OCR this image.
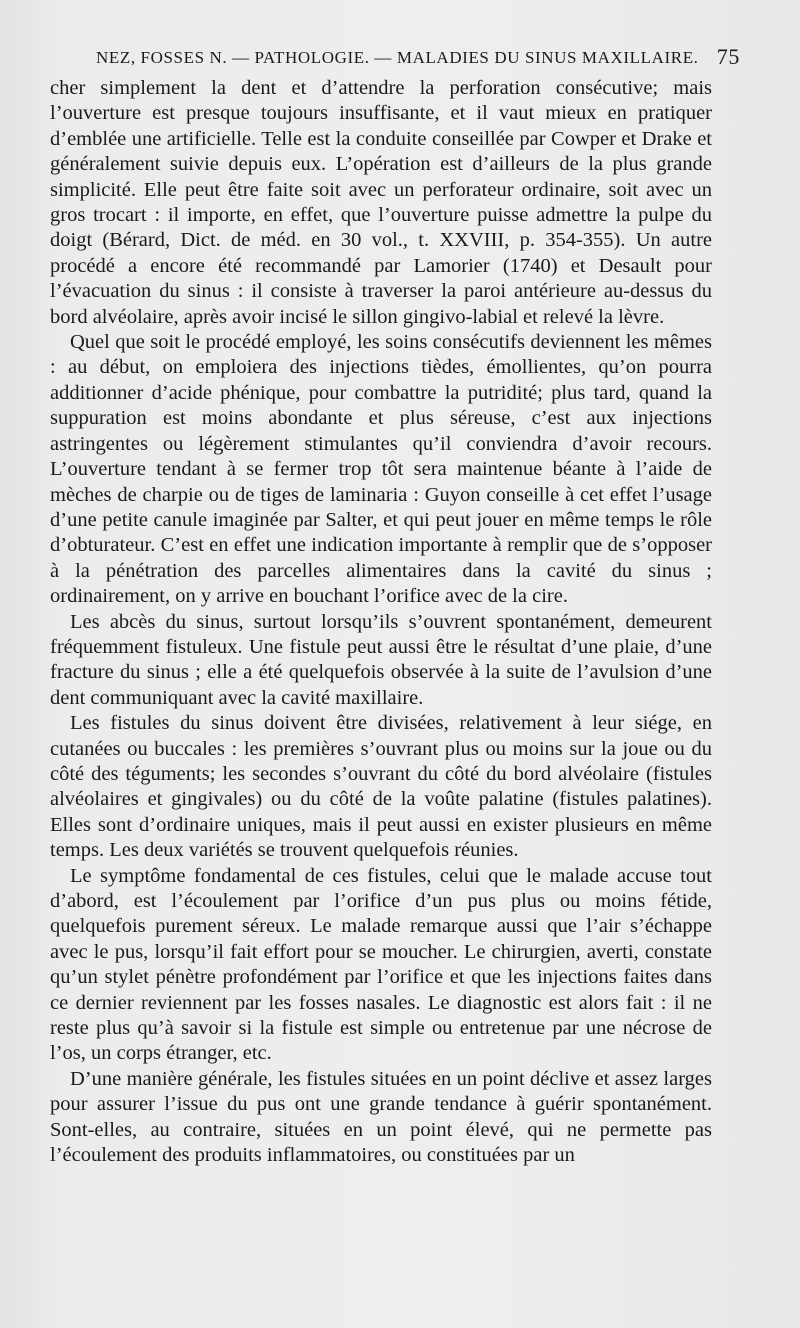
NEZ, FOSSES N. — PATHOLOGIE. — MALADIES DU SINUS MAXILLAIRE. 75

cher simplement la dent et d’attendre la perforation consécutive; mais l’ouverture est presque toujours insuffisante, et il vaut mieux en pratiquer d’emblée une artificielle. Telle est la conduite conseillée par Cowper et Drake et généralement suivie depuis eux. L’opération est d’ailleurs de la plus grande simplicité. Elle peut être faite soit avec un perforateur ordinaire, soit avec un gros trocart : il importe, en effet, que l’ouverture puisse admettre la pulpe du doigt (Bérard, Dict. de méd. en 30 vol., t. XXVIII, p. 354-355). Un autre procédé a encore été recommandé par Lamorier (1740) et Desault pour l’évacuation du sinus : il consiste à traverser la paroi antérieure au-dessus du bord alvéolaire, après avoir incisé le sillon gingivo-labial et relevé la lèvre.

Quel que soit le procédé employé, les soins consécutifs deviennent les mêmes : au début, on emploiera des injections tièdes, émollientes, qu’on pourra additionner d’acide phénique, pour combattre la putridité; plus tard, quand la suppuration est moins abondante et plus séreuse, c’est aux injections astringentes ou légèrement stimulantes qu’il conviendra d’avoir recours. L’ouverture tendant à se fermer trop tôt sera maintenue béante à l’aide de mèches de charpie ou de tiges de laminaria : Guyon conseille à cet effet l’usage d’une petite canule imaginée par Salter, et qui peut jouer en même temps le rôle d’obturateur. C’est en effet une indication importante à remplir que de s’opposer à la pénétration des parcelles alimentaires dans la cavité du sinus ; ordinairement, on y arrive en bouchant l’orifice avec de la cire.

Les abcès du sinus, surtout lorsqu’ils s’ouvrent spontanément, demeurent fréquemment fistuleux. Une fistule peut aussi être le résultat d’une plaie, d’une fracture du sinus ; elle a été quelquefois observée à la suite de l’avulsion d’une dent communiquant avec la cavité maxillaire.

Les fistules du sinus doivent être divisées, relativement à leur siége, en cutanées ou buccales : les premières s’ouvrant plus ou moins sur la joue ou du côté des téguments; les secondes s’ouvrant du côté du bord alvéolaire (fistules alvéolaires et gingivales) ou du côté de la voûte palatine (fistules palatines). Elles sont d’ordinaire uniques, mais il peut aussi en exister plusieurs en même temps. Les deux variétés se trouvent quelquefois réunies.

Le symptôme fondamental de ces fistules, celui que le malade accuse tout d’abord, est l’écoulement par l’orifice d’un pus plus ou moins fétide, quelquefois purement séreux. Le malade remarque aussi que l’air s’échappe avec le pus, lorsqu’il fait effort pour se moucher. Le chirurgien, averti, constate qu’un stylet pénètre profondément par l’orifice et que les injections faites dans ce dernier reviennent par les fosses nasales. Le diagnostic est alors fait : il ne reste plus qu’à savoir si la fistule est simple ou entretenue par une nécrose de l’os, un corps étranger, etc.

D’une manière générale, les fistules situées en un point déclive et assez larges pour assurer l’issue du pus ont une grande tendance à guérir spontanément. Sont-elles, au contraire, situées en un point élevé, qui ne permette pas l’écoulement des produits inflammatoires, ou constituées par un
